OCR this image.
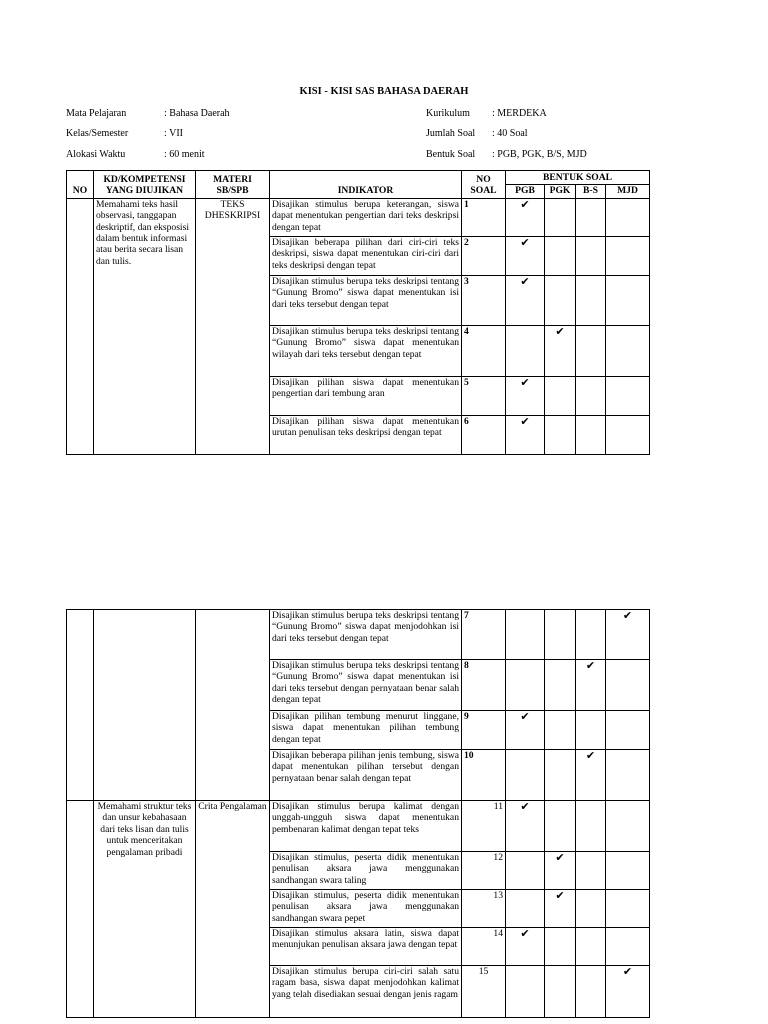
KISI - KISI SAS BAHASA DAERAH
Mata Pelajaran	: Bahasa Daerah
Kelas/Semester	: VII
Alokasi Waktu	: 60 menit
Kurikulum : MERDEKA
Jumlah Soal : 40 Soal
Bentuk Soal : PGB, PGK, B/S, MJD
NO	KD/KOMPETENSI YANG DIUJIKAN	MATERI SB/SPB	INDIKATOR	NO SOAL	BENTUK SOAL			
					PGB	PGK	B-S	MJD
	Memahami teks hasil observasi, tanggapan deskriptif, dan eksposisi dalam bentuk informasi atau berita secara lisan dan tulis.	TEKS DHESKRIPSI	Disajikan stimulus berupa keterangan, siswa dapat menentukan pengertian dari teks deskripsi dengan tepat	1	✔			
			Disajikan beberapa pilihan dari ciri-ciri teks deskripsi, siswa dapat menentukan ciri-ciri dari teks deskripsi dengan tepat	2	✔			
			Disajikan stimulus berupa teks deskripsi tentang “Gunung Bromo” siswa dapat menentukan isi dari teks tersebut dengan tepat	3	✔			
			Disajikan stimulus berupa teks deskripsi tentang “Gunung Bromo” siswa dapat menentukan wilayah dari teks tersebut dengan tepat	4		✔		
			Disajikan pilihan siswa dapat menentukan pengertian dari tembung aran	5	✔			
			Disajikan pilihan siswa dapat menentukan urutan penulisan teks deskripsi dengan tepat	6	✔			
			Disajikan stimulus berupa teks deskripsi tentang “Gunung Bromo” siswa dapat menjodohkan isi dari teks tersebut dengan tepat	7				✔
			Disajikan stimulus berupa teks deskripsi tentang “Gunung Bromo” siswa dapat menentukan isi dari teks tersebut dengan pernyataan benar salah dengan tepat	8			✔	
			Disajikan pilihan tembung menurut linggane, siswa dapat menentukan pilihan tembung dengan tepat	9	✔			
			Disajikan beberapa pilihan jenis tembung, siswa dapat menentukan pilihan tersebut dengan pernyataan benar salah dengan tepat	10			✔	
	Memahami struktur teks dan unsur kebahasaan dari teks lisan dan tulis untuk menceritakan pengalaman pribadi	Crita Pengalaman	Disajikan stimulus berupa kalimat dengan unggah-ungguh siswa dapat menentukan pembenaran kalimat dengan tepat teks	11	✔			
			Disajikan stimulus, peserta didik menentukan penulisan aksara jawa menggunakan sandhangan swara taling	12		✔		
			Disajikan stimulus, peserta didik menentukan penulisan aksara jawa menggunakan sandhangan swara pepet	13		✔		
			Disajikan stimulus aksara latin, siswa dapat menunjukan penulisan aksara jawa dengan tepat	14	✔			
			Disajikan stimulus berupa ciri-ciri salah satu ragam basa, siswa dapat menjodohkan kalimat yang telah disediakan sesuai dengan jenis ragam	15				✔
